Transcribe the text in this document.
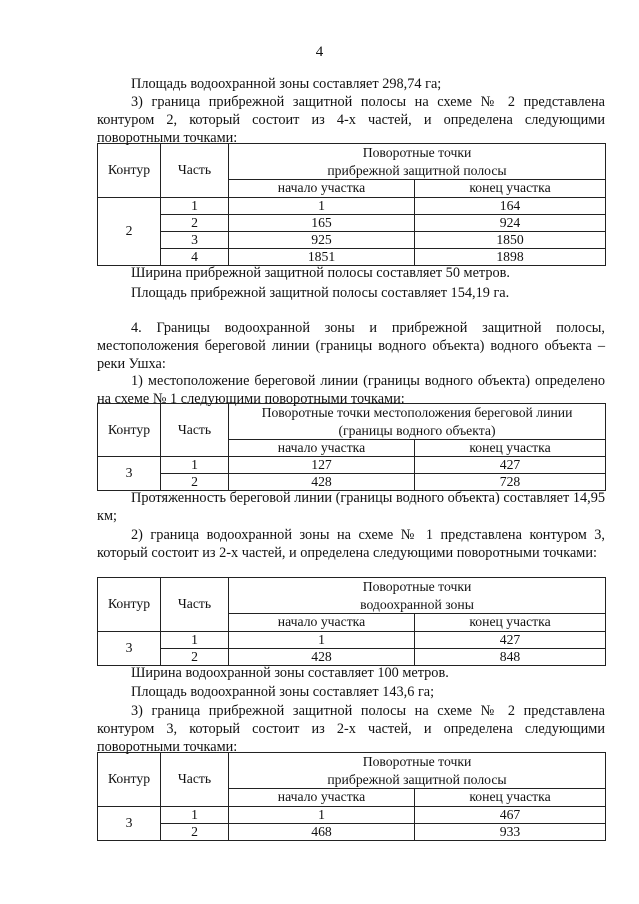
4

Площадь водоохранной зоны составляет 298,74 га;

3) граница прибрежной защитной полосы на схеме № 2 представлена контуром 2, который состоит из 4-х частей, и определена следующими поворотными точками:

Контур	Часть	Поворотные точки	
		прибрежной защитной полосы	
		начало участка	конец участка
2	1	1	164
	2	165	924
	3	925	1850
	4	1851	1898

Ширина прибрежной защитной полосы составляет 50 метров.

Площадь прибрежной защитной полосы составляет 154,19 га.

4. Границы водоохранной зоны и прибрежной защитной полосы, местоположения береговой линии (границы водного объекта) водного объекта – реки Ушха:

1) местоположение береговой линии (границы водного объекта) определено на схеме № 1 следующими поворотными точками:

Контур	Часть	Поворотные точки местоположения береговой линии	
		(границы водного объекта)	
		начало участка	конец участка
3	1	127	427
	2	428	728

Протяженность береговой линии (границы водного объекта) составляет 14,95 км;

2) граница водоохранной зоны на схеме № 1 представлена контуром 3, который состоит из 2-х частей, и определена следующими поворотными точками:

Контур	Часть	Поворотные точки	
		водоохранной зоны	
		начало участка	конец участка
3	1	1	427
	2	428	848

Ширина водоохранной зоны составляет 100 метров.

Площадь водоохранной зоны составляет 143,6 га;

3) граница прибрежной защитной полосы на схеме № 2 представлена контуром 3, который состоит из 2-х частей, и определена следующими поворотными точками:

Контур	Часть	Поворотные точки	
		прибрежной защитной полосы	
		начало участка	конец участка
3	1	1	467
	2	468	933
